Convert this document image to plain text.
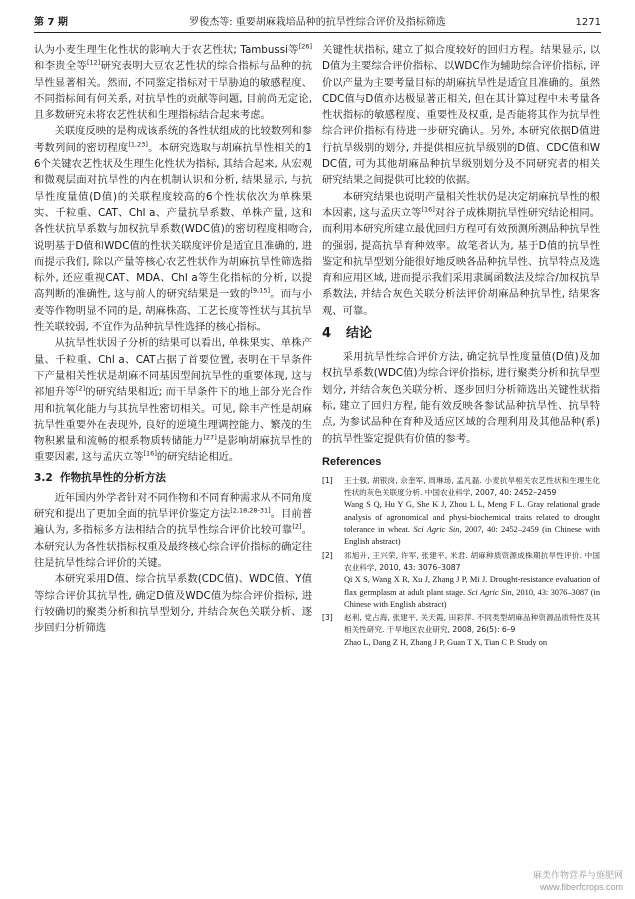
第 7 期	罗俊杰等: 重要胡麻栽培品种的抗旱性综合评价及指标筛选	1271

认为小麦生理生化性状的影响大于农艺性状; Tambussi等[26]和李贵全等[12]研究表明大豆农艺性状的综合指标与品种的抗旱性显著相关。然而, 不同鉴定指标对干旱胁迫的敏感程度、不同指标间有何关系, 对抗旱性的贡献等问题, 目前尚无定论, 且多数研究未将农艺性状和生理指标结合起来考虑。

关联度反映的是构成该系统的各性状组成的比较数列和参考数列间的密切程度[1,23]。本研究选取与胡麻抗旱性相关的16个关键农艺性状及生理生化性状为指标, 其结合起来, 从宏观和微观层面对抗旱性的内在机制认识和分析, 结果显示, 与抗旱性度量值(D值)的关联程度较高的6个性状依次为单株果实、千粒重、CAT、Chl a、产量抗旱系数、单株产量, 这和各性状抗旱系数与加权抗旱系数(WDC值)的密切程度相吻合, 说明基于D值和WDC值的性状关联度评价是适宜且准确的, 进而提示我们, 除以产量等核心农艺性状作为胡麻抗旱性筛选指标外, 还应重视CAT、MDA、Chl a等生化指标的分析, 以提高判断的准确性, 这与前人的研究结果是一致的[9,15]。而与小麦等作物明显不同的是, 胡麻株高、工艺长度等性状与其抗旱性关联较弱, 不宜作为品种抗旱性选择的核心指标。

从抗旱性状因子分析的结果可以看出, 单株果实、单株产量、千粒重、Chl a、CAT占据了首要位置, 表明在干旱条件下产量相关性状是胡麻不同基因型间抗旱性的重要体现, 这与祁旭升等[2]的研究结果相近; 而干旱条件下的地上部分光合作用和抗氧化能力与其抗旱性密切相关。可见, 除丰产性是胡麻抗旱性重要外在表现外, 良好的逆境生理调控能力、繁茂的生物积累量和流畅的根系物质转储能力[27]是影响胡麻抗旱性的重要因素, 这与孟庆立等[16]的研究结论相近。

3.2 作物抗旱性的分析方法

近年国内外学者针对不同作物和不同育种需求从不同角度研究和提出了更加全面的抗旱评价鉴定方法[2,18,28-31]。目前普遍认为, 多指标多方法相结合的抗旱性综合评价比较可靠[2]。本研究认为各性状指标权重及最终核心综合评价指标的确定往往是抗旱性综合评价的关键。

本研究采用D值、综合抗旱系数(CDC值)、WDC值、Y值等综合评价其抗旱性, 确定D值及WDC值为综合评价指标, 进行较确切的聚类分析和抗旱型划分, 并结合灰色关联分析、逐步回归分析筛选

关键性状指标, 建立了拟合度较好的回归方程。结果显示, 以D值为主要综合评价指标、以WDC作为辅助综合评价指标, 评价以产量为主要考量目标的胡麻抗旱性是适宜且准确的。虽然CDC值与D值亦达极显著正相关, 但在其计算过程中未考量各性状指标的敏感程度、重要性及权重, 是否能将其作为抗旱性综合评价指标有待进一步研究确认。另外, 本研究依据D值进行抗旱级别的划分, 并提供相应抗旱级别的D值、CDC值和WDC值, 可为其他胡麻品种抗旱级别划分及不同研究者的相关研究结果之间提供可比较的依据。

本研究结果也说明产量相关性状仍是决定胡麻抗旱性的根本因素, 这与孟庆立等[16]对谷子成株期抗旱性研究结论相同。而利用本研究所建立最优回归方程可有效预测所测品种抗旱性的强弱, 提高抗旱育种效率。故笔者认为, 基于D值的抗旱性鉴定和抗旱型划分能很好地反映各品种抗旱性、抗旱特点及选育和应用区域, 进而提示我们采用隶属函数法及综合/加权抗旱系数法, 并结合灰色关联分析法评价胡麻品种抗旱性, 结果客观、可靠。

4 结论

采用抗旱性综合评价方法, 确定抗旱性度量值(D值)及加权抗旱系数(WDC值)为综合评价指标, 进行聚类分析和抗旱型划分, 并结合灰色关联分析、逐步回归分析筛选出关键性状指标, 建立了回归方程, 能有效反映各参试品种抗旱性、抗旱特点, 为参试品种在育种及适应区域的合理利用及其他品种(系)的抗旱性鉴定提供有价值的参考。

References
[1] 王士强, 胡银岗, 佘奎军, 周琳玚, 孟凡磊. 小麦抗旱相关农艺性状和生理生化性状的灰色关联度分析. 中国农业科学, 2007, 40: 2452–2459
Wang S Q, Hu Y G, She K J, Zhou L L, Meng F L. Gray relational grade analysis of agronomical and physi-biochemical traits related to drought tolerance in wheat. Sci Agric Sin, 2007, 40: 2452–2459 (in Chinese with English abstract)
[2] 祁旭升, 王兴荣, 许军, 张建平, 米君. 胡麻种质资源成株期抗旱性评价. 中国农业科学, 2010, 43: 3076–3087
Qi X S, Wang X R, Xu J, Zhang J P, Mi J. Drought-resistance evaluation of flax germplasm at adult plant stage. Sci Agric Sin, 2010, 43: 3076–3087 (in Chinese with English abstract)
[3] 赵利, 党占海, 张建平, 关天霞, 田彩萍. 不同类型胡麻品种资源品质特性及其相关性研究. 干旱地区农业研究, 2008, 26(5): 6–9
Zhao L, Dang Z H, Zhang J P, Guan T X, Tian C P. Study on
麻类作物营养与施肥网
www.fiberfcrops.com
